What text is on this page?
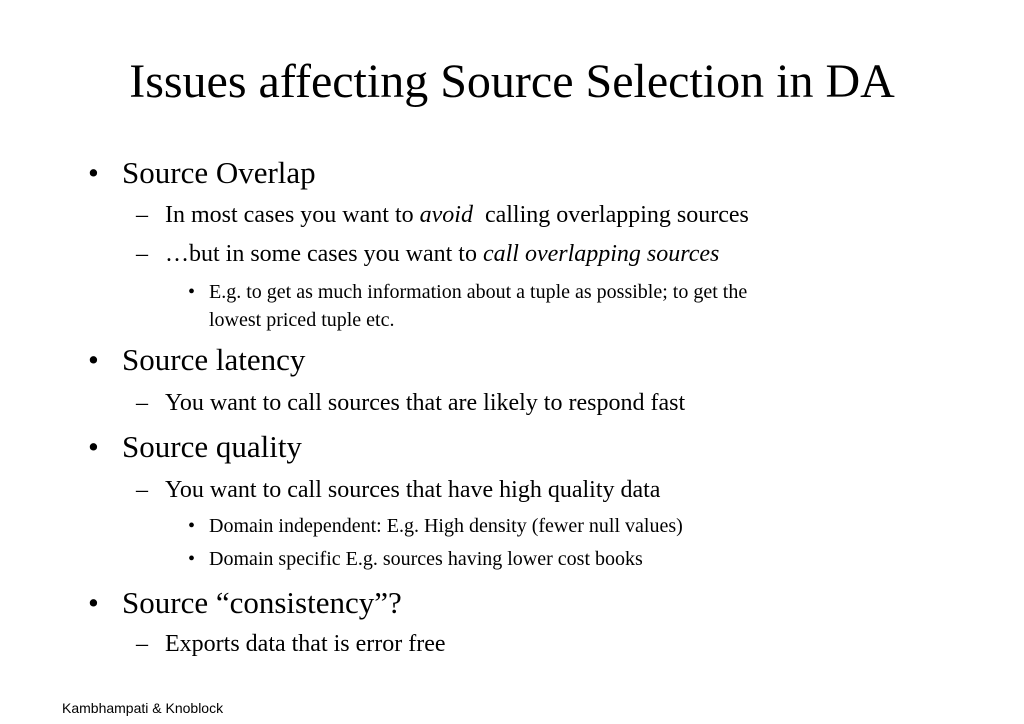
Issues affecting Source Selection in DA
• Source Overlap
– In most cases you want to avoid  calling overlapping sources
– …but in some cases you want to call overlapping sources
• E.g. to get as much information about a tuple as possible; to get the
lowest priced tuple etc.
• Source latency
– You want to call sources that are likely to respond fast
• Source quality
– You want to call sources that have high quality data
• Domain independent: E.g. High density (fewer null values)
• Domain specific E.g. sources having lower cost books
• Source “consistency”?
– Exports data that is error free
Kambhampati & Knoblock
